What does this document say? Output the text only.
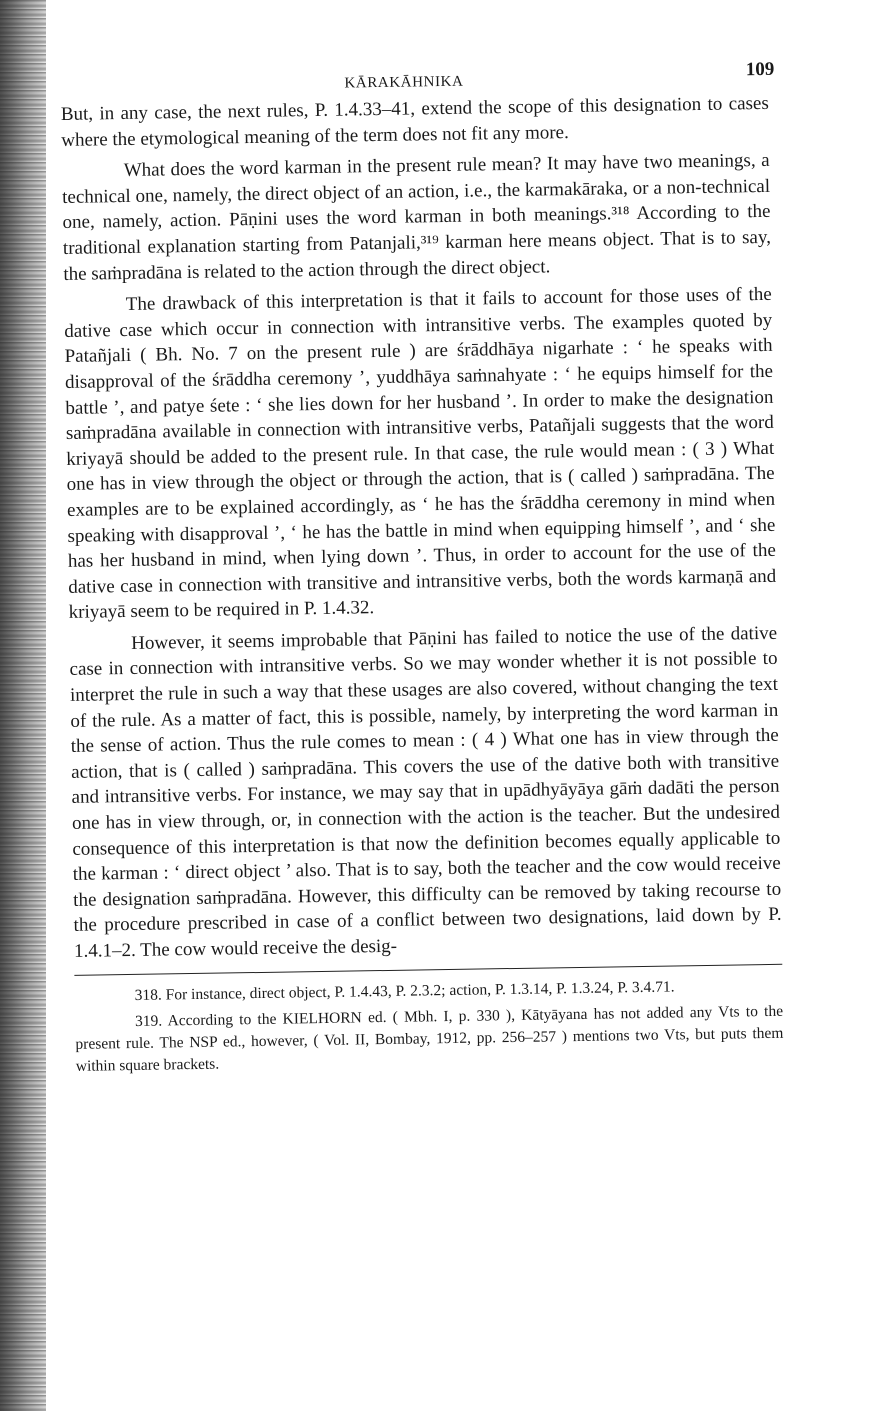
KĀRAKĀHNIKA
109

But, in any case, the next rules, P. 1.4.33–41, extend the scope of this designation to cases where the etymological meaning of the term does not fit any more.

What does the word karman in the present rule mean? It may have two meanings, a technical one, namely, the direct object of an action, i.e., the karmakāraka, or a non-technical one, namely, action. Pāṇini uses the word karman in both meanings.³¹⁸ According to the traditional explanation starting from Patanjali,³¹⁹ karman here means object. That is to say, the saṁpradāna is related to the action through the direct object.

The drawback of this interpretation is that it fails to account for those uses of the dative case which occur in connection with intransitive verbs. The examples quoted by Patañjali ( Bh. No. 7 on the present rule ) are śrāddhāya nigarhate : ‘ he speaks with disapproval of the śrāddha ceremony ’, yuddhāya saṁnahyate : ‘ he equips himself for the battle ’, and patye śete : ‘ she lies down for her husband ’. In order to make the designation saṁpradāna available in connection with intransitive verbs, Patañjali suggests that the word kriyayā should be added to the present rule. In that case, the rule would mean : ( 3 ) What one has in view through the object or through the action, that is ( called ) saṁpradāna. The examples are to be explained accordingly, as ‘ he has the śrāddha ceremony in mind when speaking with disapproval ’, ‘ he has the battle in mind when equipping himself ’, and ‘ she has her husband in mind, when lying down ’. Thus, in order to account for the use of the dative case in connection with transitive and intransitive verbs, both the words karmaṇā and kriyayā seem to be required in P. 1.4.32.

However, it seems improbable that Pāṇini has failed to notice the use of the dative case in connection with intransitive verbs. So we may wonder whether it is not possible to interpret the rule in such a way that these usages are also covered, without changing the text of the rule. As a matter of fact, this is possible, namely, by interpreting the word karman in the sense of action. Thus the rule comes to mean : ( 4 ) What one has in view through the action, that is ( called ) saṁpradāna. This covers the use of the dative both with transitive and intransitive verbs. For instance, we may say that in upādhyāyāya gāṁ dadāti the person one has in view through, or, in connection with the action is the teacher. But the undesired consequence of this interpretation is that now the definition becomes equally applicable to the karman : ‘ direct object ’ also. That is to say, both the teacher and the cow would receive the designation saṁpradāna. However, this difficulty can be removed by taking recourse to the procedure prescribed in case of a conflict between two designations, laid down by P. 1.4.1–2. The cow would receive the desig-

318. For instance, direct object, P. 1.4.43, P. 2.3.2; action, P. 1.3.14, P. 1.3.24, P. 3.4.71.

319. According to the KIELHORN ed. ( Mbh. I, p. 330 ), Kātyāyana has not added any Vts to the present rule. The NSP ed., however, ( Vol. II, Bombay, 1912, pp. 256–257 ) mentions two Vts, but puts them within square brackets.
